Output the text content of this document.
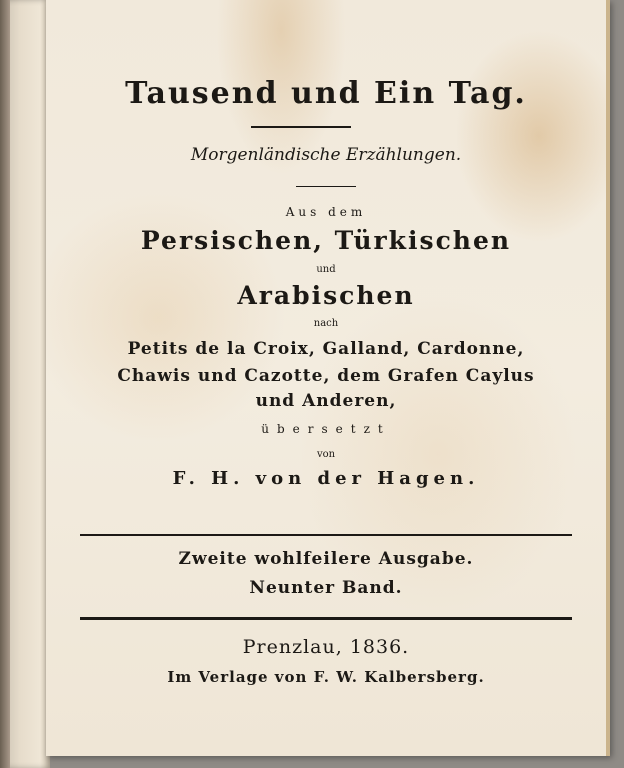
Tausend und Ein Tag.
Morgenländische Erzählungen.
Aus dem
Persischen, Türkischen
und
Arabischen
nach
Petits de la Croix, Galland, Cardonne,
Chawis und Cazotte, dem Grafen Caylus
und Anderen,
übersetzt
von
F. H. von der Hagen.
Zweite wohlfeilere Ausgabe.
Neunter Band.
Prenzlau, 1836.
Im Verlage von F. W. Kalbersberg.
